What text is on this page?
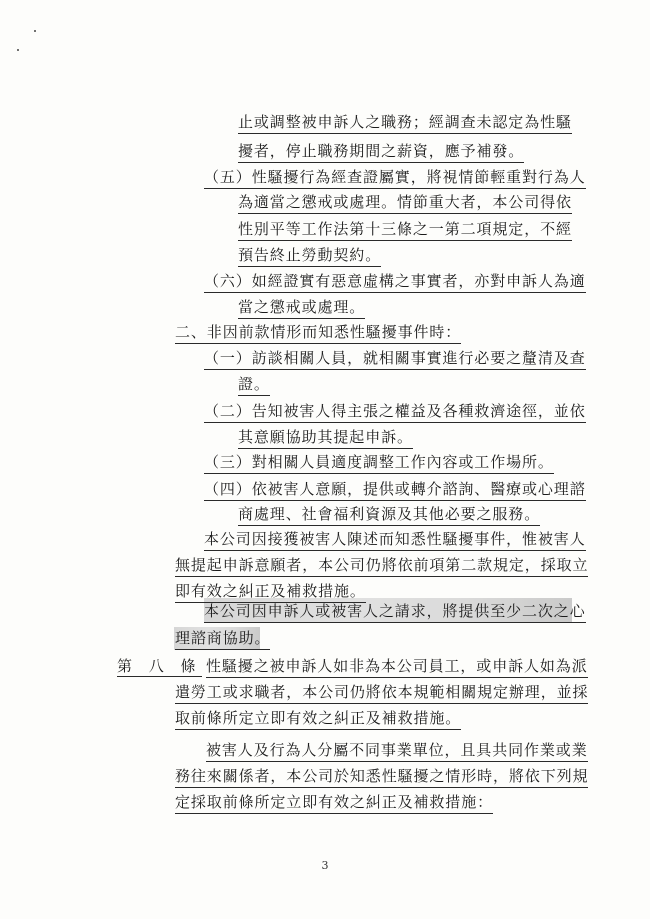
止或調整被申訴人之職務；經調查未認定為性騷
擾者，停止職務期間之薪資，應予補發。
（五）性騷擾行為經查證屬實，將視情節輕重對行為人
為適當之懲戒或處理。情節重大者，本公司得依
性別平等工作法第十三條之一第二項規定，不經
預告終止勞動契約。
（六）如經證實有惡意虛構之事實者，亦對申訴人為適
當之懲戒或處理。
二、非因前款情形而知悉性騷擾事件時：
（一）訪談相關人員，就相關事實進行必要之釐清及查
證。
（二）告知被害人得主張之權益及各種救濟途徑，並依
其意願協助其提起申訴。
（三）對相關人員適度調整工作內容或工作場所。
（四）依被害人意願，提供或轉介諮詢、醫療或心理諮
商處理、社會福利資源及其他必要之服務。
本公司因接獲被害人陳述而知悉性騷擾事件，惟被害人
無提起申訴意願者，本公司仍將依前項第二款規定，採取立
即有效之糾正及補救措施。
本公司因申訴人或被害人之請求，將提供至少二次之心
理諮商協助。
第 八 條 性騷擾之被申訴人如非為本公司員工，或申訴人如為派
遣勞工或求職者，本公司仍將依本規範相關規定辦理，並採
取前條所定立即有效之糾正及補救措施。
被害人及行為人分屬不同事業單位，且具共同作業或業
務往來關係者，本公司於知悉性騷擾之情形時，將依下列規
定採取前條所定立即有效之糾正及補救措施：
3
